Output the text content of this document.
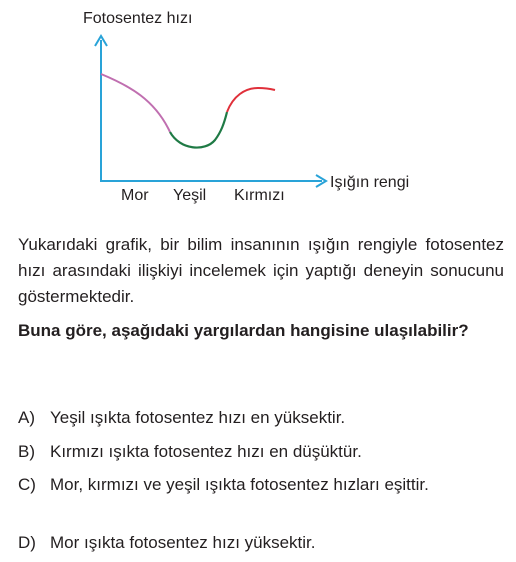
Fotosentez hızı
Işığın rengi
Mor Yeşil Kırmızı
Yukarıdaki grafik, bir bilim insanının ışığın rengiyle fotosentez hızı arasındaki ilişkiyi incelemek için yaptığı deneyin sonucunu göstermektedir.
Buna göre, aşağıdaki yargılardan hangisine ulaşılabilir?
A) Yeşil ışıkta fotosentez hızı en yüksektir.
B) Kırmızı ışıkta fotosentez hızı en düşüktür.
C) Mor, kırmızı ve yeşil ışıkta fotosentez hızları eşittir.
D) Mor ışıkta fotosentez hızı yüksektir.
